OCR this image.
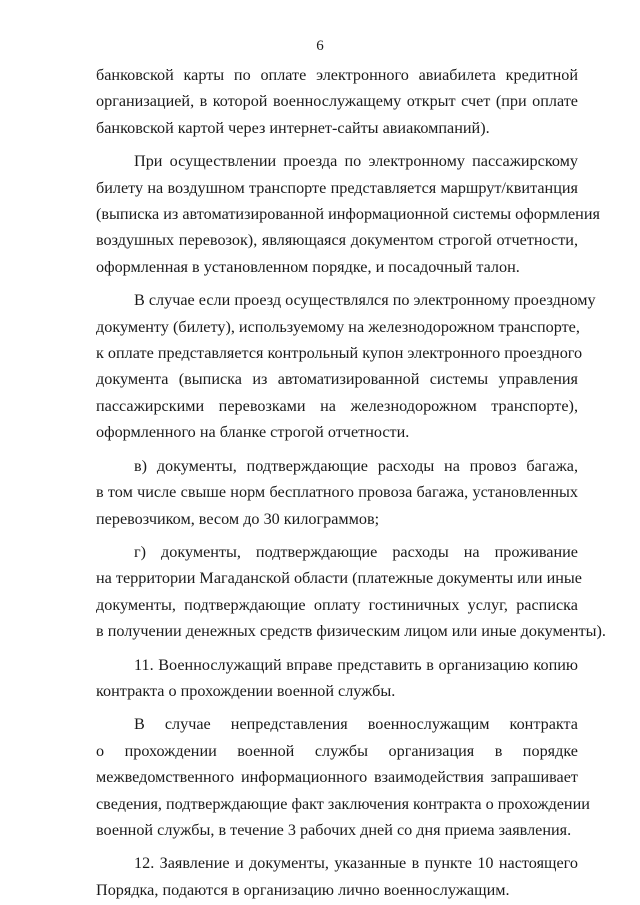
6

банковской карты по оплате электронного авиабилета кредитной
организацией, в которой военнослужащему открыт счет (при оплате
банковской картой через интернет-сайты авиакомпаний).

При осуществлении проезда по электронному пассажирскому
билету на воздушном транспорте представляется маршрут/квитанция
(выписка из автоматизированной информационной системы оформления
воздушных перевозок), являющаяся документом строгой отчетности,
оформленная в установленном порядке, и посадочный талон.

В случае если проезд осуществлялся по электронному проездному
документу (билету), используемому на железнодорожном транспорте,
к оплате представляется контрольный купон электронного проездного
документа (выписка из автоматизированной системы управления
пассажирскими перевозками на железнодорожном транспорте),
оформленного на бланке строгой отчетности.

в) документы, подтверждающие расходы на провоз багажа,
в том числе свыше норм бесплатного провоза багажа, установленных
перевозчиком, весом до 30 килограммов;

г) документы, подтверждающие расходы на проживание
на территории Магаданской области (платежные документы или иные
документы, подтверждающие оплату гостиничных услуг, расписка
в получении денежных средств физическим лицом или иные документы).

11. Военнослужащий вправе представить в организацию копию
контракта о прохождении военной службы.

В случае непредставления военнослужащим контракта
о прохождении военной службы организация в порядке
межведомственного информационного взаимодействия запрашивает
сведения, подтверждающие факт заключения контракта о прохождении
военной службы, в течение 3 рабочих дней со дня приема заявления.

12. Заявление и документы, указанные в пункте 10 настоящего
Порядка, подаются в организацию лично военнослужащим.
